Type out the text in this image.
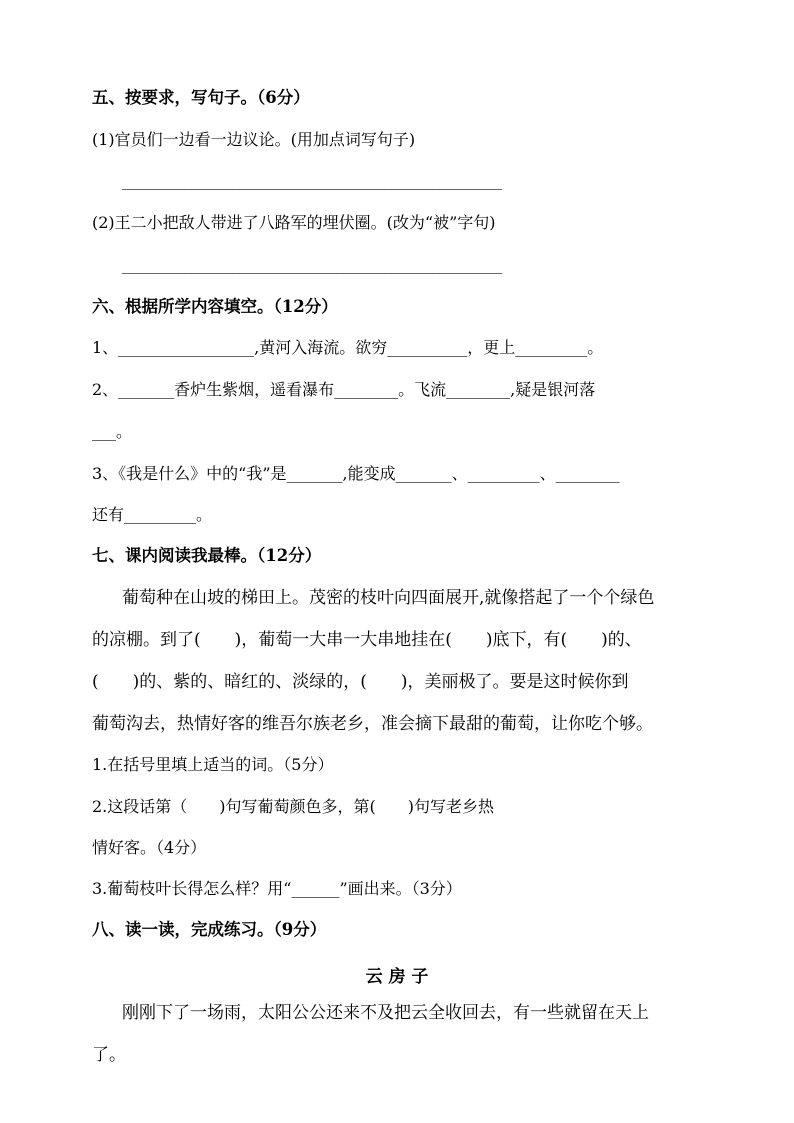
五、按要求，写句子。（6分）
(1)官员们一边看一边议论。(用加点词写句子)
_______________________________________________________
(2)王二小把敌人带进了八路军的埋伏圈。(改为“被”字句)
_______________________________________________________
六、根据所学内容填空。（12分）
1、_________________,黄河入海流。欲穷__________，更上_________。
2、_______香炉生紫烟，遥看瀑布________。飞流________,疑是银河落
___。
3、《我是什么》中的“我”是_______,能变成_______、_________、________
还有_________。
七、课内阅读我最棒。（12分）
葡萄种在山坡的梯田上。茂密的枝叶向四面展开,就像搭起了一个个绿色
的凉棚。到了(　　)，葡萄一大串一大串地挂在(　　)底下，有(　　)的、
(　　)的、紫的、暗红的、淡绿的，(　　)，美丽极了。要是这时候你到
葡萄沟去，热情好客的维吾尔族老乡，准会摘下最甜的葡萄，让你吃个够。
1.在括号里填上适当的词。（5分）
2.这段话第（　　)句写葡萄颜色多，第(　　)句写老乡热
情好客。（4分）
3.葡萄枝叶长得怎么样？用“______”画出来。（3分）
八、读一读，完成练习。（9分）
云 房 子
刚刚下了一场雨，太阳公公还来不及把云全收回去，有一些就留在天上
了。
